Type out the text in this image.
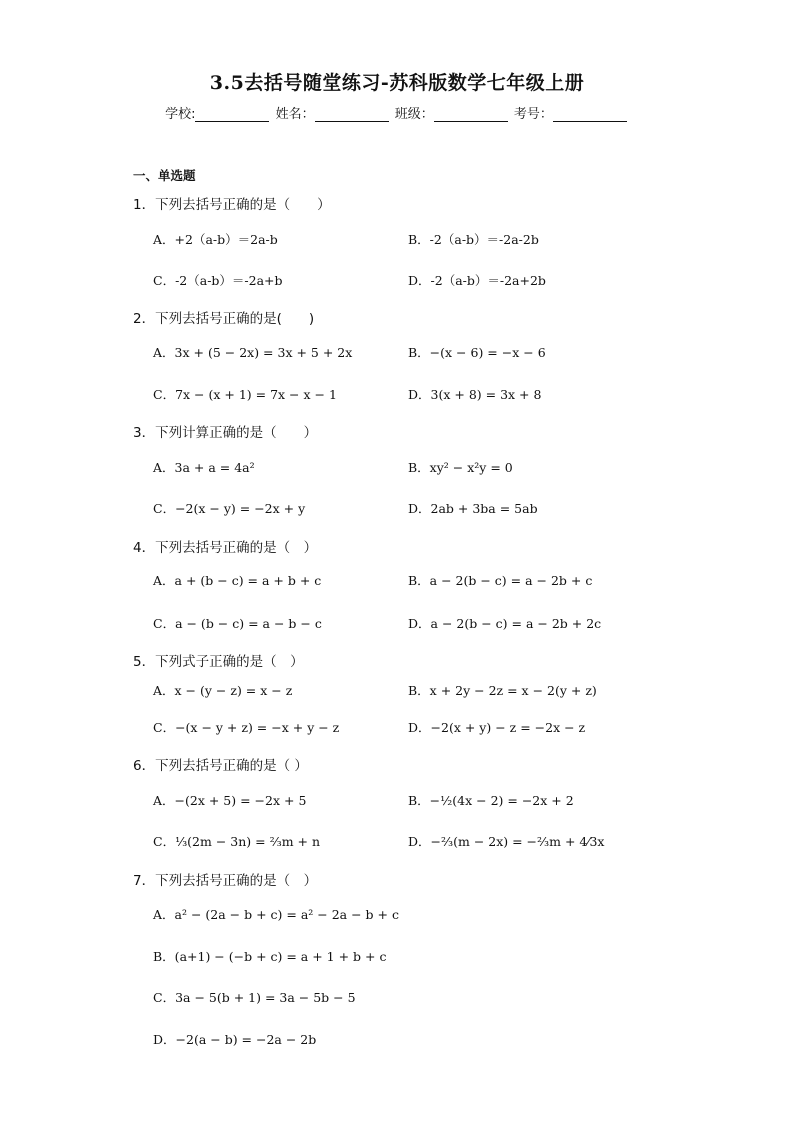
3.5去括号随堂练习-苏科版数学七年级上册
学校:	姓名：	班级：	考号：
一、单选题
1．下列去括号正确的是（　　）
A．+2（a-b）＝2a-b	B．-2（a-b）＝-2a-2b
C．-2（a-b）＝-2a+b	D．-2（a-b）＝-2a+2b
2．下列去括号正确的是(　　)
A．3x + (5 − 2x) = 3x + 5 + 2x	B．−(x − 6) = −x − 6
C．7x − (x + 1) = 7x − x − 1	D．3(x + 8) = 3x + 8
3．下列计算正确的是（　　）
A．3a + a = 4a²	B．xy² − x²y = 0
C．−2(x − y) = −2x + y	D．2ab + 3ba = 5ab
4．下列去括号正确的是（　）
A．a + (b − c) = a + b + c	B．a − 2(b − c) = a − 2b + c
C．a − (b − c) = a − b − c	D．a − 2(b − c) = a − 2b + 2c
5．下列式子正确的是（　）
A．x − (y − z) = x − z	B．x + 2y − 2z = x − 2(y + z)
C．−(x − y + z) = −x + y − z	D．−2(x + y) − z = −2x − z
6．下列去括号正确的是（ ）
A．−(2x + 5) = −2x + 5	B．−½(4x − 2) = −2x + 2
C．⅓(2m − 3n) = ⅔m + n	D．−⅔(m − 2x) = −⅔m + 4⁄3x
7．下列去括号正确的是（　）
A．a² − (2a − b + c) = a² − 2a − b + c
B．(a+1) − (−b + c) = a + 1 + b + c
C．3a − 5(b + 1) = 3a − 5b − 5
D．−2(a − b) = −2a − 2b
